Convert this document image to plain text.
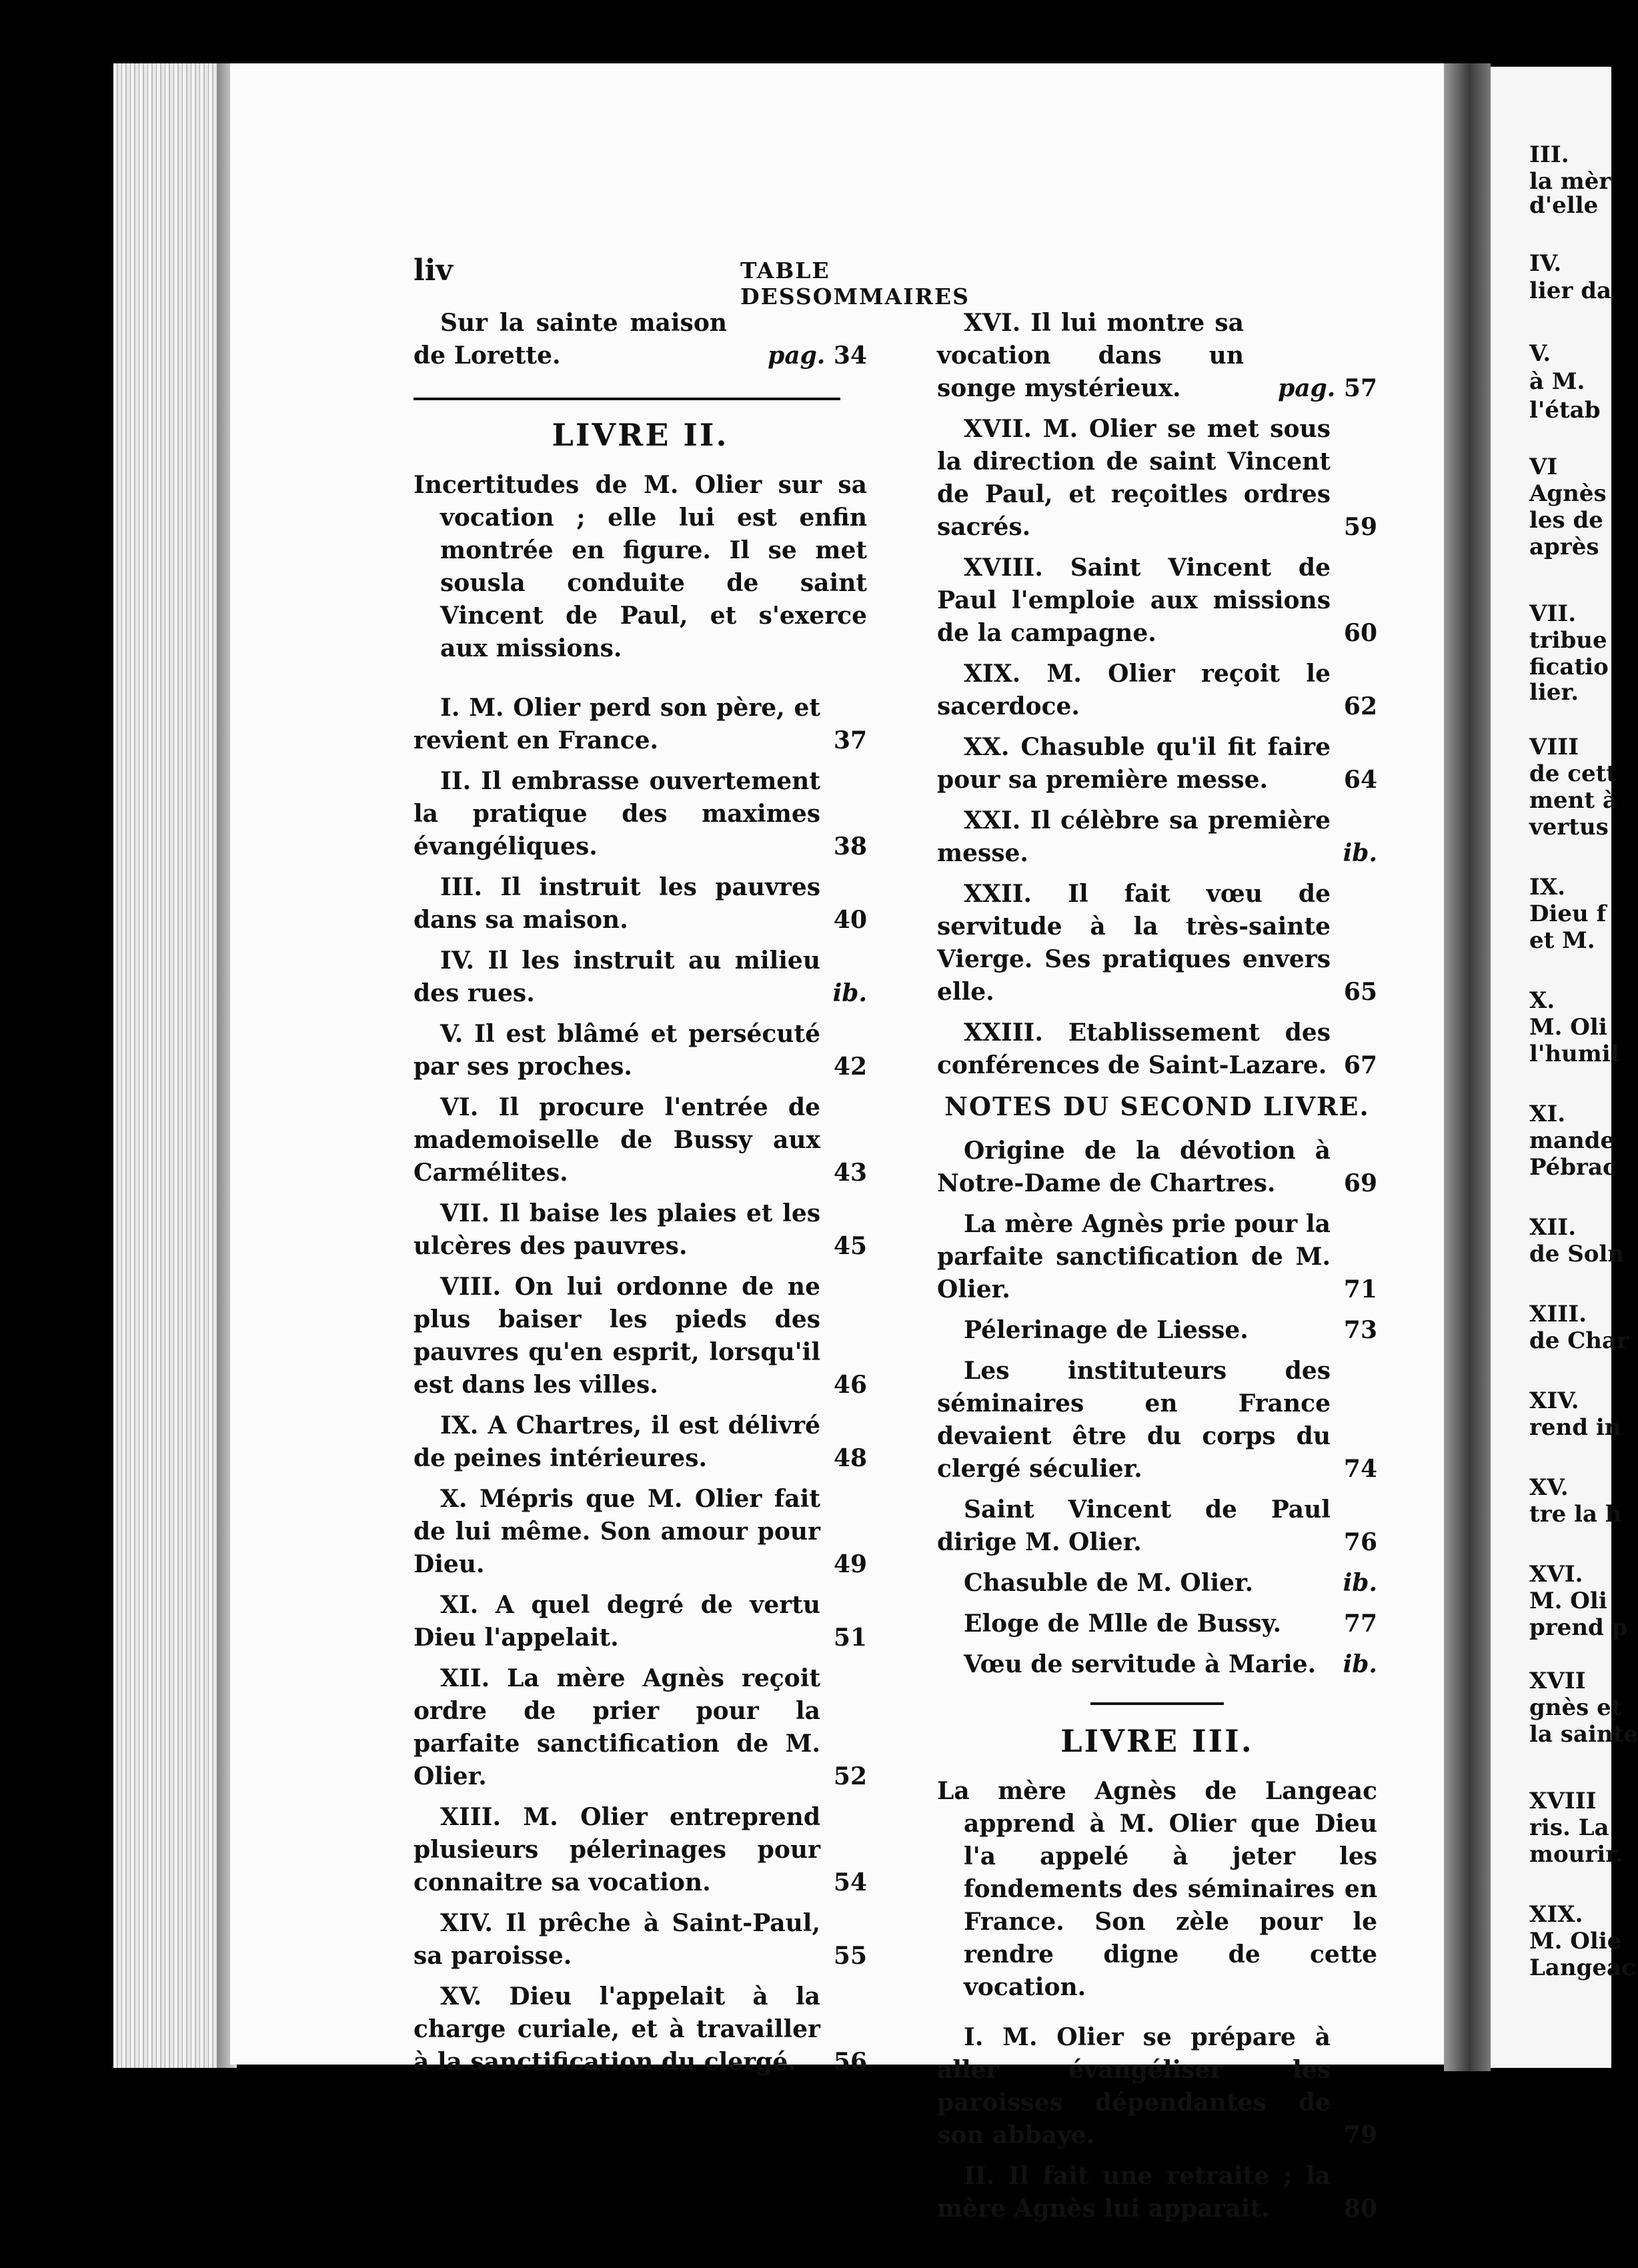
III.
la mèr
d'elle
IV.
lier da
V.
à M.
l'étab
VI
Agnès
les de
après
VII.
tribue
ficatio
lier.
VIII
de cett
ment à
vertus
IX.
Dieu f
et M.
X.
M. Oli
l'humil
XI.
mande
Pébrac
XII.
de Soln
XIII.
de Char
XIV.
rend in
XV.
tre la h
XVI.
M. Oli
prend p
XVII
gnès et
la sainte
XVIII
ris. La
mourir.
XIX.
M. Olie
Langeac
liv	TABLE DESSOMMAIRES
Sur la sainte maison de Lorette.	pag. 34
LIVRE II.
Incertitudes de M. Olier sur sa vocation ; elle lui est enfin montrée en figure. Il se met sousla conduite de saint Vincent de Paul, et s'exerce aux missions.
I. M. Olier perd son père, et revient en France.	37
II. Il embrasse ouvertement la pratique des maximes évangéliques.	38
III. Il instruit les pauvres dans sa maison.	40
IV. Il les instruit au milieu des rues.	ib.
V. Il est blâmé et persécuté par ses proches.	42
VI. Il procure l'entrée de mademoiselle de Bussy aux Carmélites.	43
VII. Il baise les plaies et les ulcères des pauvres.	45
VIII. On lui ordonne de ne plus baiser les pieds des pauvres qu'en esprit, lorsqu'il est dans les villes.	46
IX. A Chartres, il est délivré de peines intérieures.	48
X. Mépris que M. Olier fait de lui même. Son amour pour Dieu.	49
XI. A quel degré de vertu Dieu l'appelait.	51
XII. La mère Agnès reçoit ordre de prier pour la parfaite sanctification de M. Olier.	52
XIII. M. Olier entreprend plusieurs pélerinages pour connaitre sa vocation.	54
XIV. Il prêche à Saint-Paul, sa paroisse.	55
XV. Dieu l'appelait à la charge curiale, et à travailler à la sanctification du clergé.	56
XVI. Il lui montre sa vocation dans un songe mystérieux.	pag. 57
XVII. M. Olier se met sous la direction de saint Vincent de Paul, et reçoitles ordres sacrés.	59
XVIII. Saint Vincent de Paul l'emploie aux missions de la campagne.	60
XIX. M. Olier reçoit le sacerdoce.	62
XX. Chasuble qu'il fit faire pour sa première messe.	64
XXI. Il célèbre sa première messe.	ib.
XXII. Il fait vœu de servitude à la très-sainte Vierge. Ses pratiques envers elle.	65
XXIII. Etablissement des conférences de Saint-Lazare. 67
NOTES DU SECOND LIVRE.
Origine de la dévotion à Notre-Dame de Chartres.	69
La mère Agnès prie pour la parfaite sanctification de M. Olier.	71
Pélerinage de Liesse.	73
Les instituteurs des séminaires en France devaient être du corps du clergé séculier.	74
Saint Vincent de Paul dirige M. Olier.	76
Chasuble de M. Olier.	ib.
Eloge de Mlle de Bussy.	77
Vœu de servitude à Marie.	ib.
LIVRE III.
La mère Agnès de Langeac apprend à M. Olier que Dieu l'a appelé à jeter les fondements des séminaires en France. Son zèle pour le rendre digne de cette vocation.
I. M. Olier se prépare à aller évangéliser les paroisses dépendantes de son abbaye.	79
II. Il fait une retraite ; la mère Agnès lui apparait.	80
